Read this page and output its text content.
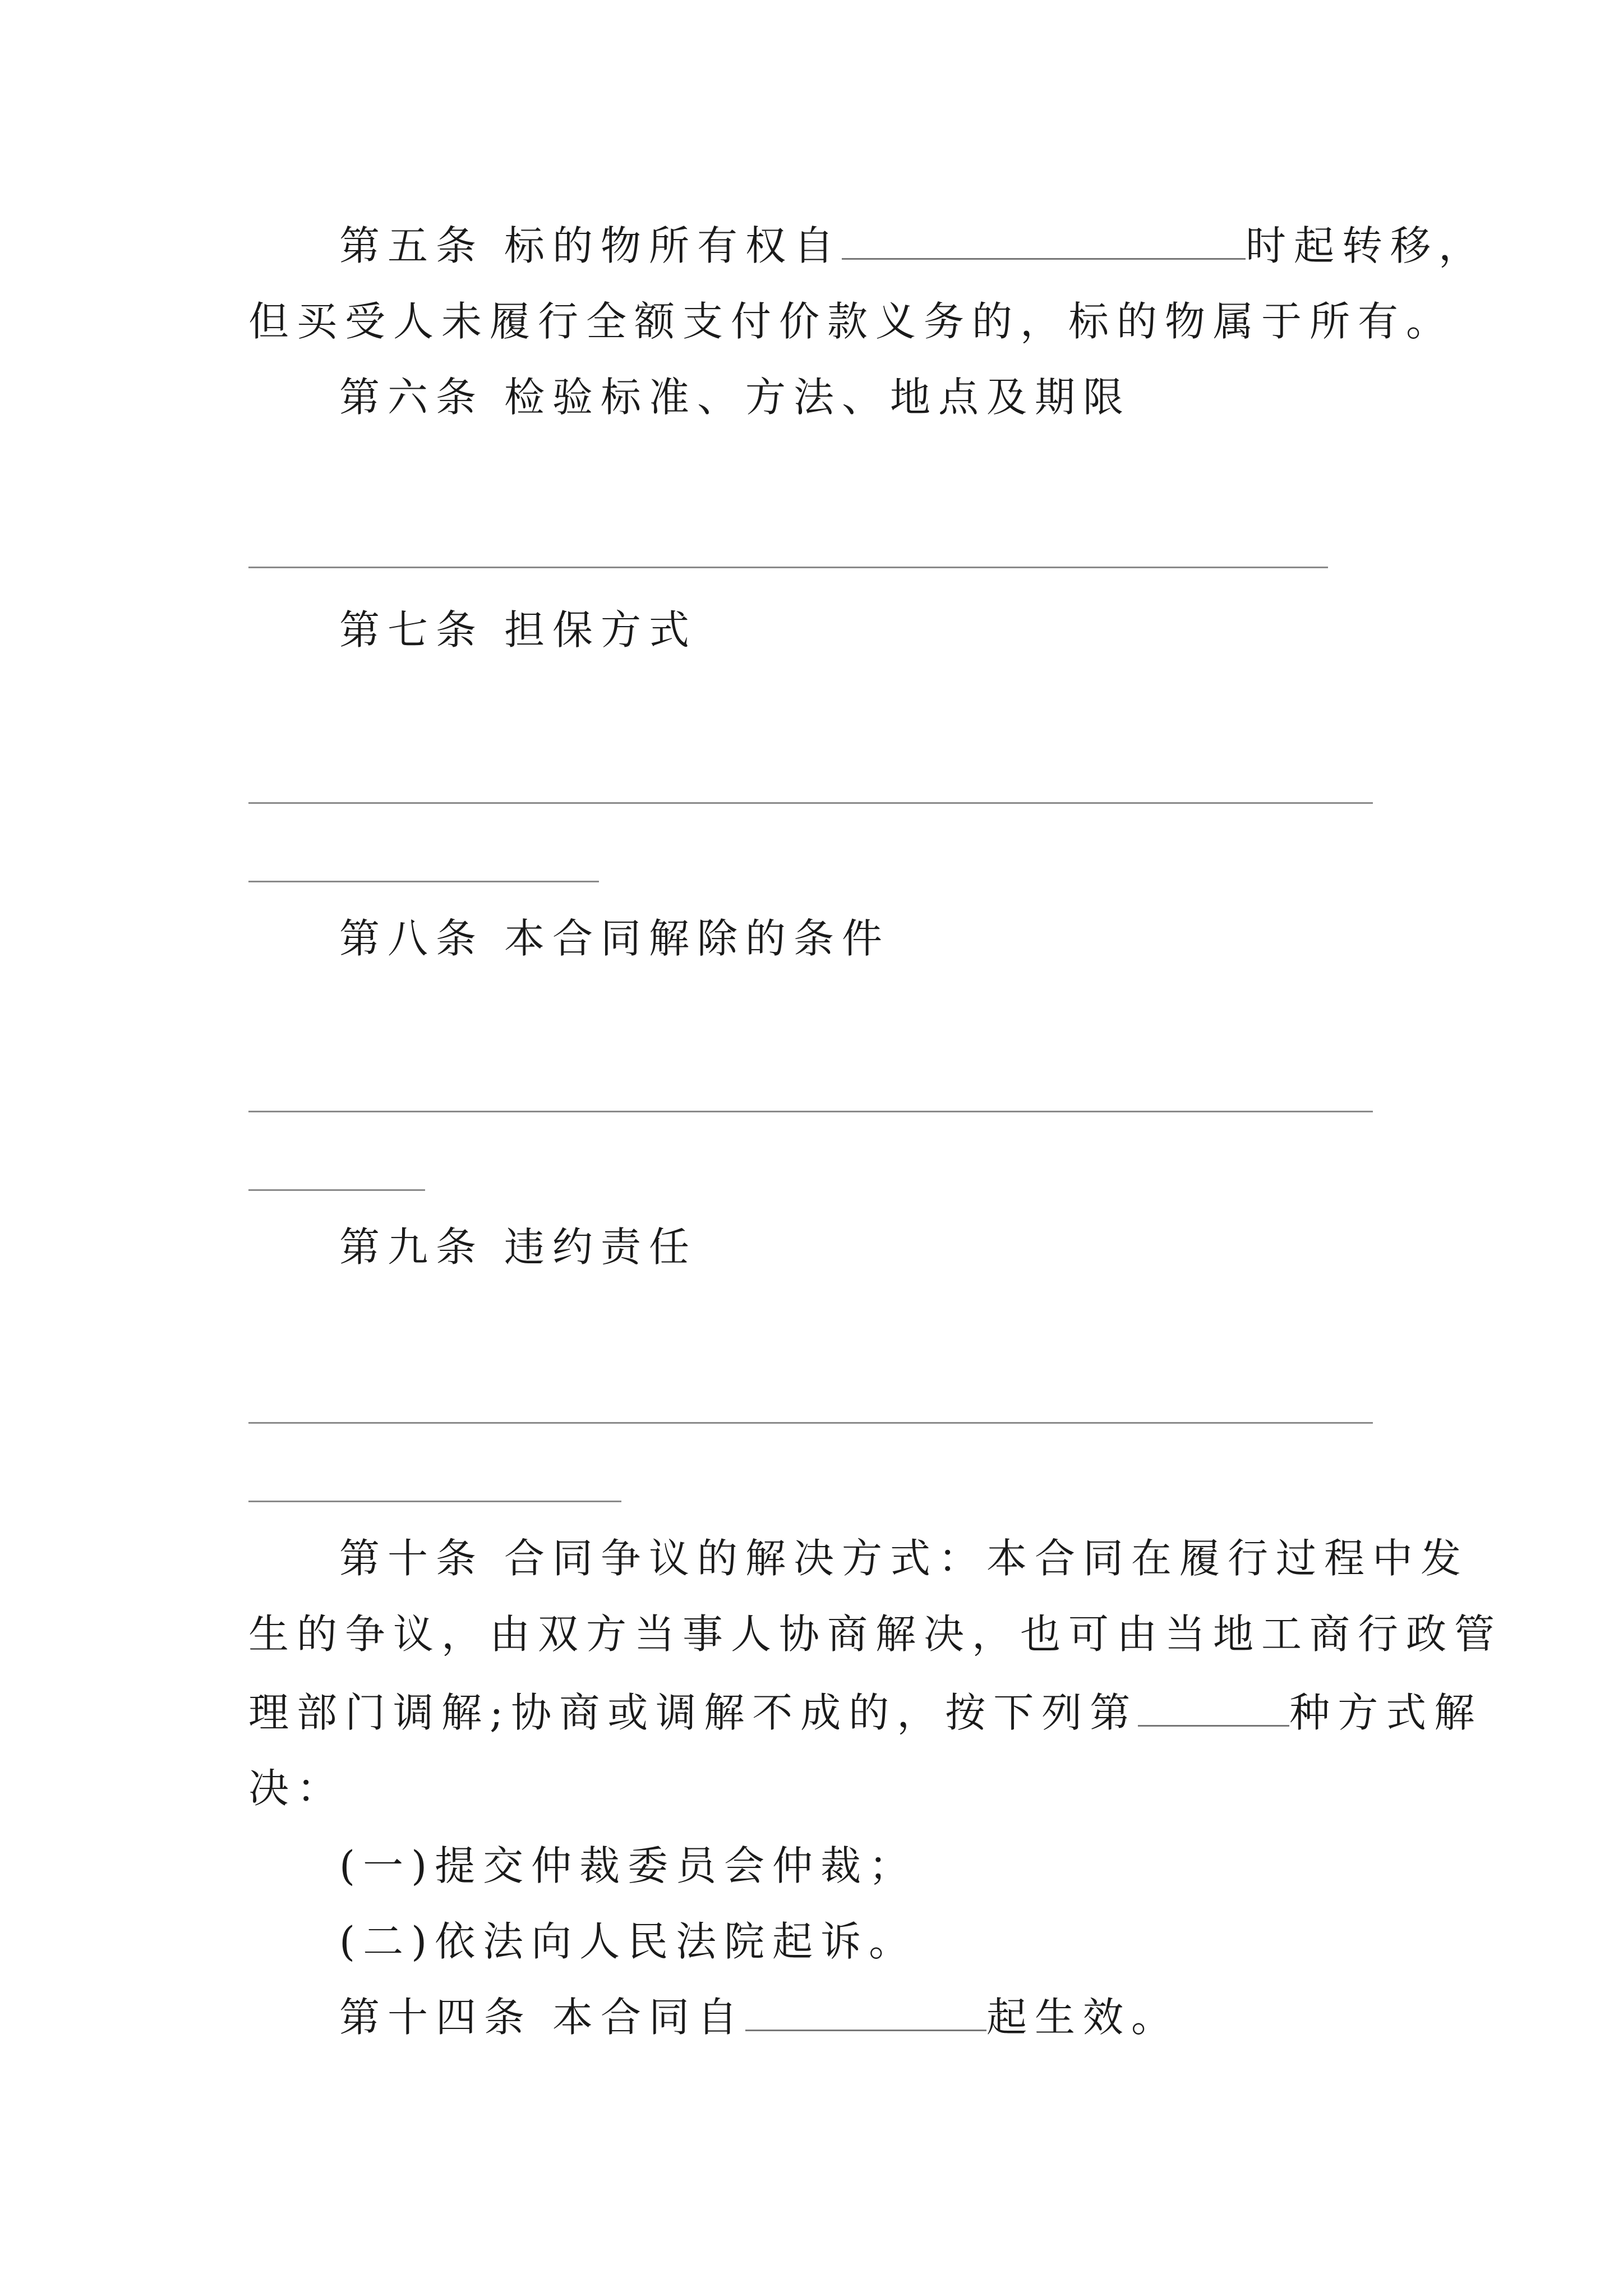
第五条 标的物所有权自	时起转移，
但买受人未履行全额支付价款义务的，标的物属于所有。
第六条 检验标准、方法、地点及期限
第七条 担保方式
第八条 本合同解除的条件
第九条 违约责任
第十条 合同争议的解决方式：本合同在履行过程中发
生的争议，由双方当事人协商解决，也可由当地工商行政管
理部门调解;协商或调解不成的，按下列第	种方式解
决：
(一)提交仲裁委员会仲裁；
(二)依法向人民法院起诉。
第十四条 本合同自	起生效。
